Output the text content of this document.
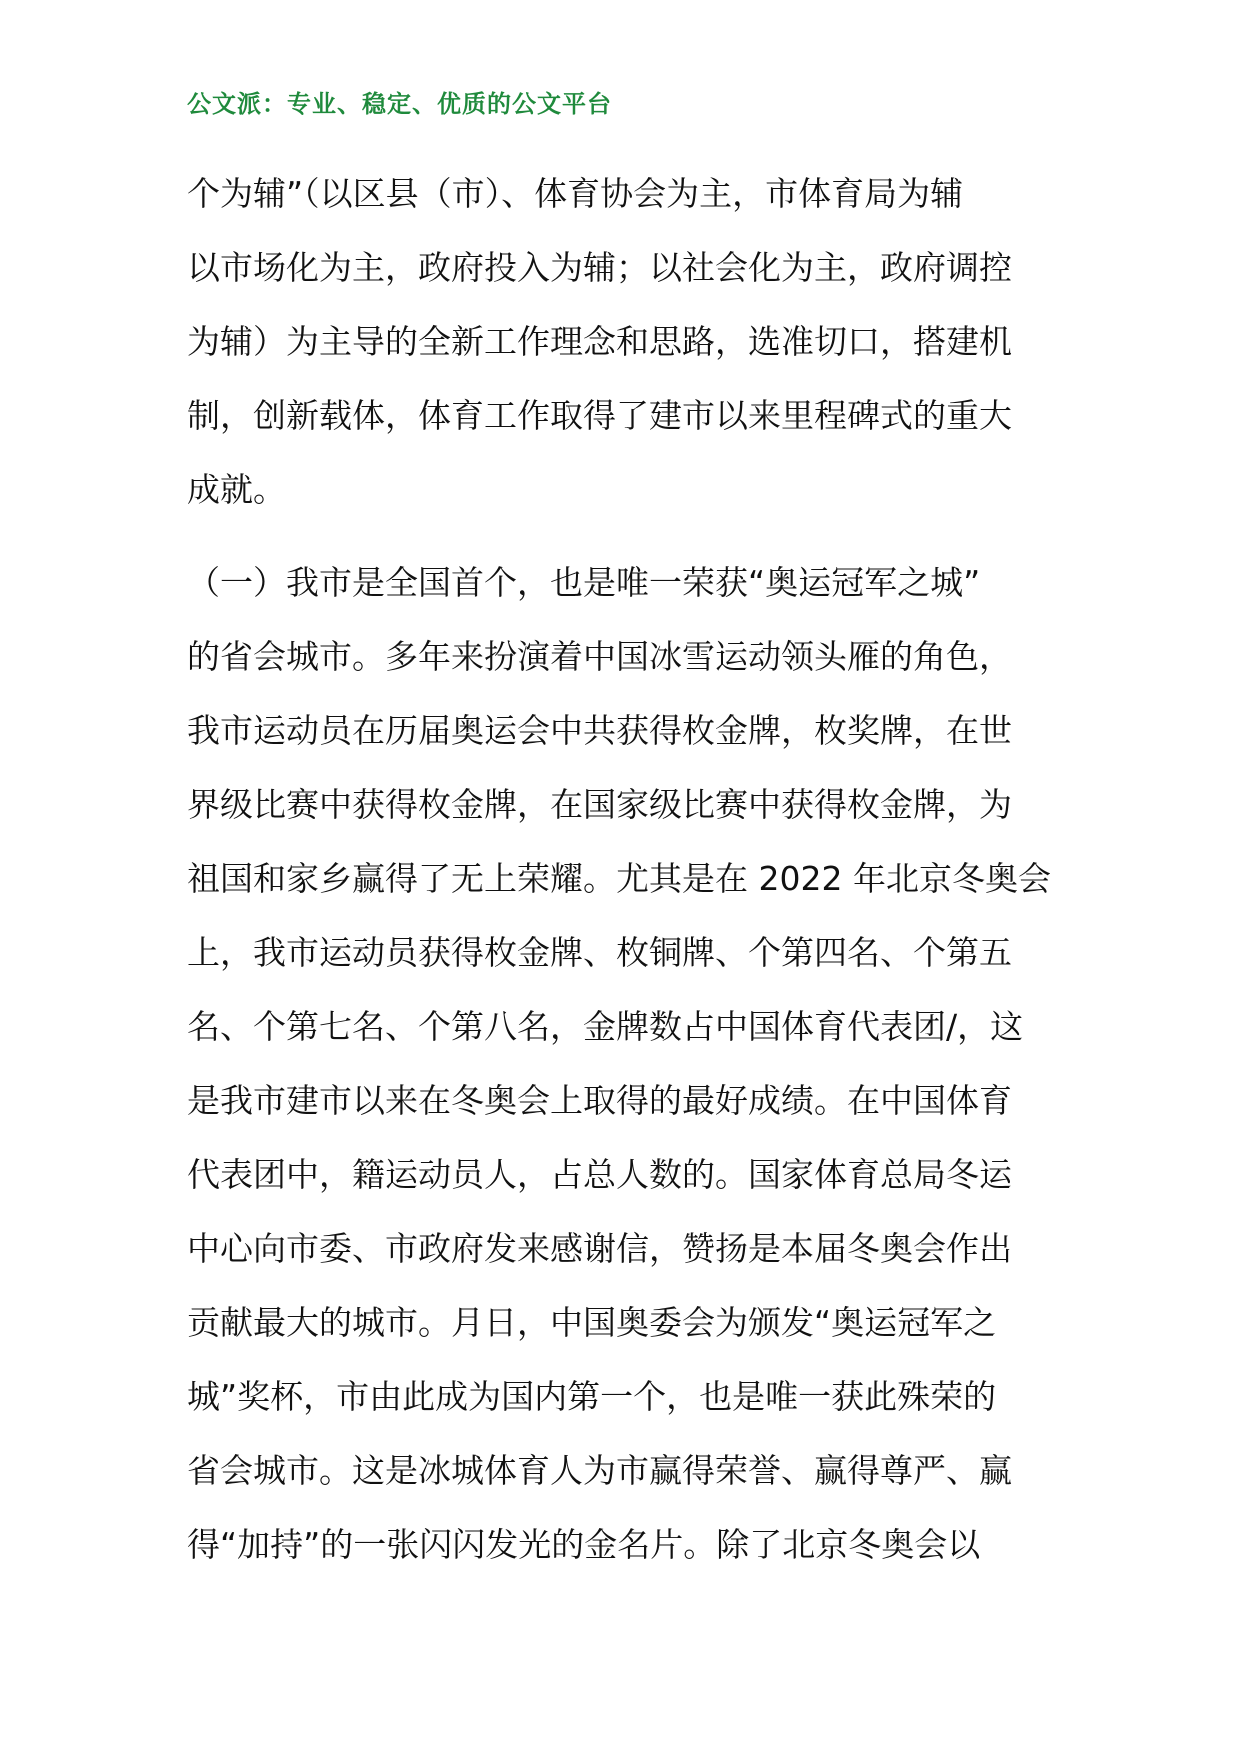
公文派：专业、稳定、优质的公文平台
个为辅”（以区县（市）、体育协会为主，市体育局为辅
以市场化为主，政府投入为辅；以社会化为主，政府调控
为辅）为主导的全新工作理念和思路，选准切口，搭建机
制，创新载体，体育工作取得了建市以来里程碑式的重大
成就。
（一）我市是全国首个，也是唯一荣获“奥运冠军之城”
的省会城市。多年来扮演着中国冰雪运动领头雁的角色，
我市运动员在历届奥运会中共获得枚金牌，枚奖牌，在世
界级比赛中获得枚金牌，在国家级比赛中获得枚金牌，为
祖国和家乡赢得了无上荣耀。尤其是在 2022 年北京冬奥会
上，我市运动员获得枚金牌、枚铜牌、个第四名、个第五
名、个第七名、个第八名，金牌数占中国体育代表团/，这
是我市建市以来在冬奥会上取得的最好成绩。在中国体育
代表团中，籍运动员人，占总人数的。国家体育总局冬运
中心向市委、市政府发来感谢信，赞扬是本届冬奥会作出
贡献最大的城市。月日，中国奥委会为颁发“奥运冠军之
城”奖杯，市由此成为国内第一个，也是唯一获此殊荣的
省会城市。这是冰城体育人为市赢得荣誉、赢得尊严、赢
得“加持”的一张闪闪发光的金名片。除了北京冬奥会以
